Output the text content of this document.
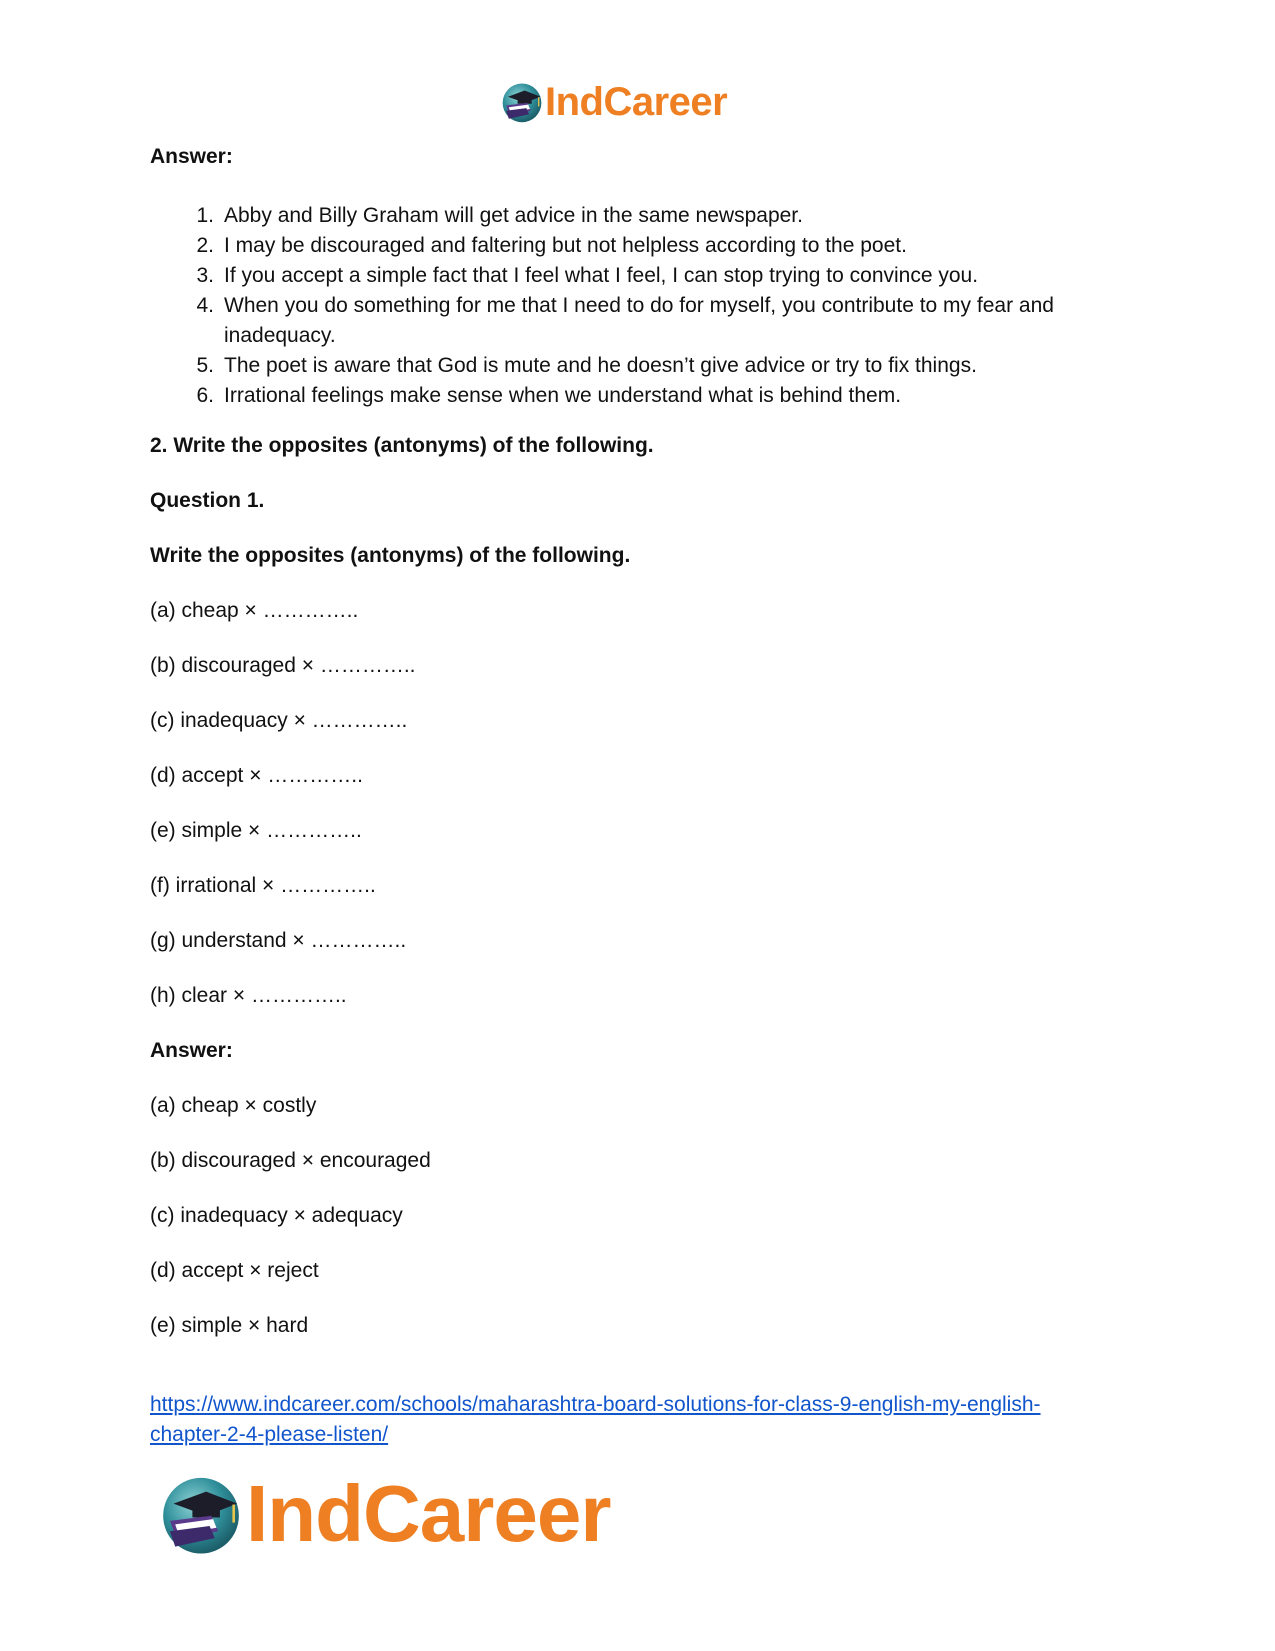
IndCareer
Answer:
1. Abby and Billy Graham will get advice in the same newspaper.
2. I may be discouraged and faltering but not helpless according to the poet.
3. If you accept a simple fact that I feel what I feel, I can stop trying to convince you.
4. When you do something for me that I need to do for myself, you contribute to my fear and inadequacy.
5. The poet is aware that God is mute and he doesn’t give advice or try to fix things.
6. Irrational feelings make sense when we understand what is behind them.
2. Write the opposites (antonyms) of the following.
Question 1.
Write the opposites (antonyms) of the following.
(a) cheap × …………..
(b) discouraged × …………..
(c) inadequacy × …………..
(d) accept × …………..
(e) simple × …………..
(f) irrational × …………..
(g) understand × …………..
(h) clear × …………..
Answer:
(a) cheap × costly
(b) discouraged × encouraged
(c) inadequacy × adequacy
(d) accept × reject
(e) simple × hard
https://www.indcareer.com/schools/maharashtra-board-solutions-for-class-9-english-my-english-
chapter-2-4-please-listen/
IndCareer
